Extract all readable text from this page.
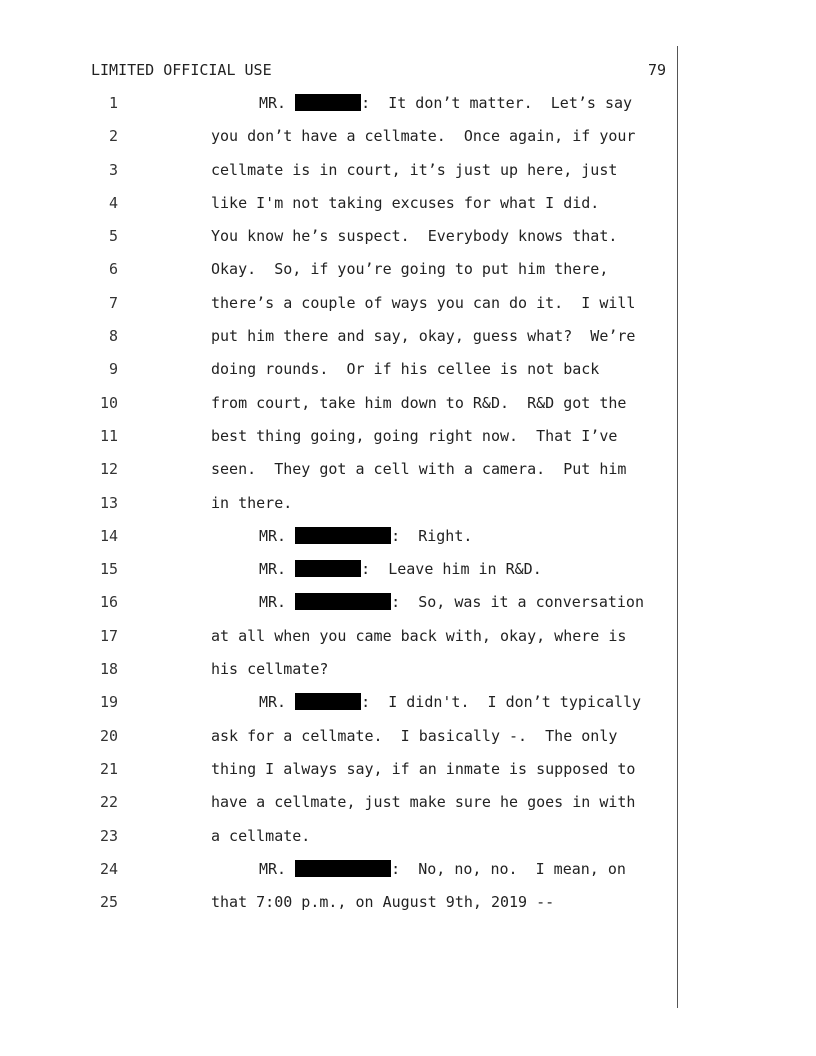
LIMITED OFFICIAL USE	79
1	MR.	:  It don’t matter.  Let’s say
2	you don’t have a cellmate.  Once again, if your
3	cellmate is in court, it’s just up here, just
4	like I'm not taking excuses for what I did.
5	You know he’s suspect.  Everybody knows that.
6	Okay.  So, if you’re going to put him there,
7	there’s a couple of ways you can do it.  I will
8	put him there and say, okay, guess what?  We’re
9	doing rounds.  Or if his cellee is not back
10	from court, take him down to R&D.  R&D got the
11	best thing going, going right now.  That I’ve
12	seen.  They got a cell with a camera.  Put him
13	in there.
14	MR.	:  Right.
15	MR.	:  Leave him in R&D.
16	MR.	:  So, was it a conversation
17	at all when you came back with, okay, where is
18	his cellmate?
19	MR.	:  I didn't.  I don’t typically
20	ask for a cellmate.  I basically -.  The only
21	thing I always say, if an inmate is supposed to
22	have a cellmate, just make sure he goes in with
23	a cellmate.
24	MR.	:  No, no, no.  I mean, on
25	that 7:00 p.m., on August 9th, 2019 --
